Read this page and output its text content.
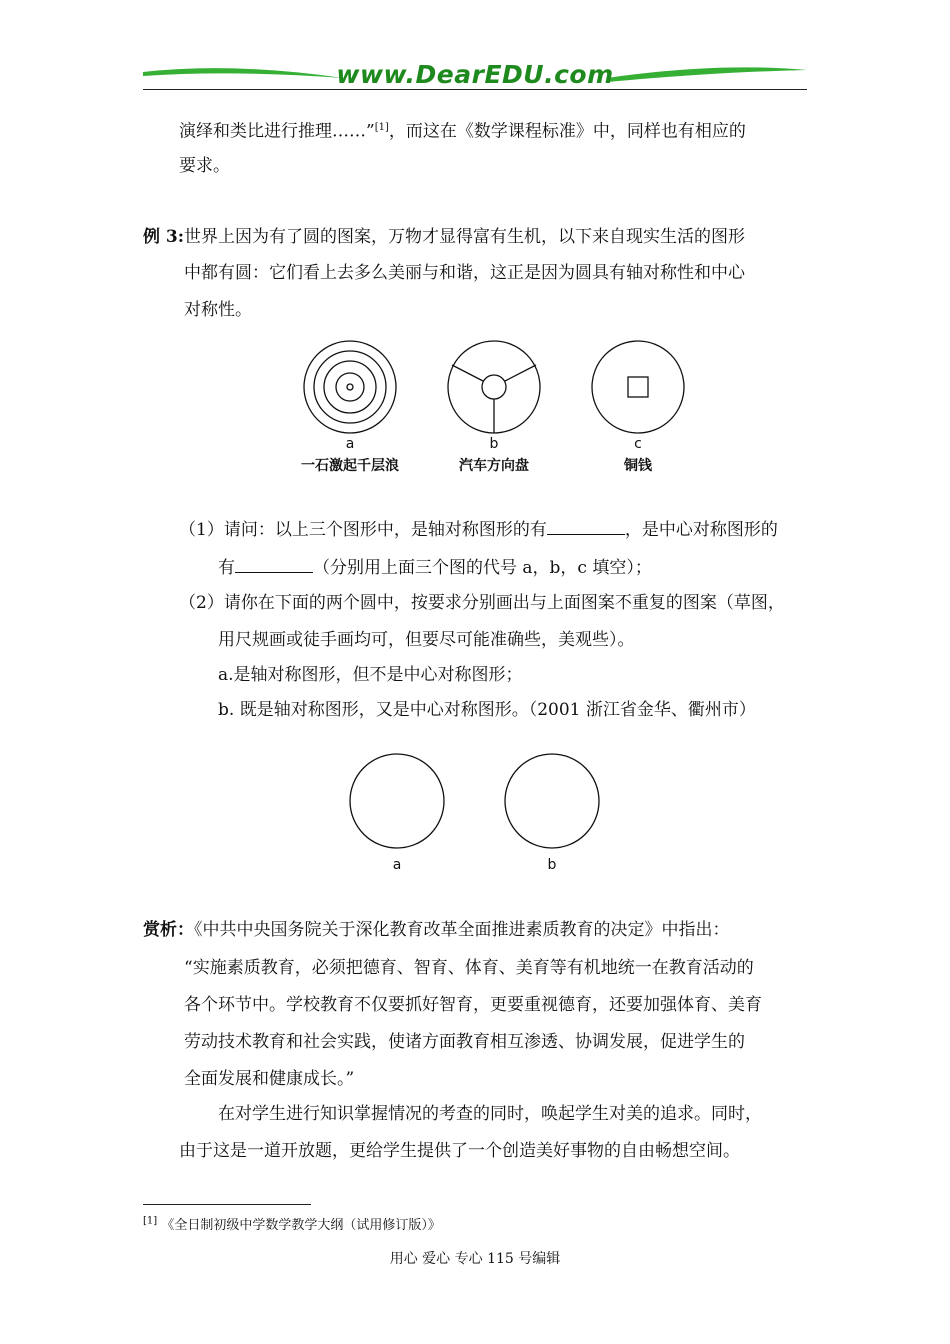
www.DearEDU.com
演绎和类比进行推理……”[1]，而这在《数学课程标准》中，同样也有相应的
要求。
例 3:世界上因为有了圆的图案，万物才显得富有生机，以下来自现实生活的图形
中都有圆：它们看上去多么美丽与和谐，这正是因为圆具有轴对称性和中心
对称性。
a
一石激起千层浪
b
汽车方向盘
c
铜钱
（1）请问：以上三个图形中，是轴对称图形的有	，是中心对称图形的
有	（分别用上面三个图的代号 a，b，c 填空）；
（2）请你在下面的两个圆中，按要求分别画出与上面图案不重复的图案（草图，
用尺规画或徒手画均可，但要尽可能准确些，美观些）。
a.是轴对称图形，但不是中心对称图形；
b. 既是轴对称图形，又是中心对称图形。（2001 浙江省金华、衢州市）
a	b
赏析：《中共中央国务院关于深化教育改革全面推进素质教育的决定》中指出：
“实施素质教育，必须把德育、智育、体育、美育等有机地统一在教育活动的
各个环节中。学校教育不仅要抓好智育，更要重视德育，还要加强体育、美育
劳动技术教育和社会实践，使诸方面教育相互渗透、协调发展，促进学生的
全面发展和健康成长。”
在对学生进行知识掌握情况的考查的同时，唤起学生对美的追求。同时，
由于这是一道开放题，更给学生提供了一个创造美好事物的自由畅想空间。
[1] 《全日制初级中学数学教学大纲（试用修订版）》
用心 爱心 专心 115 号编辑
